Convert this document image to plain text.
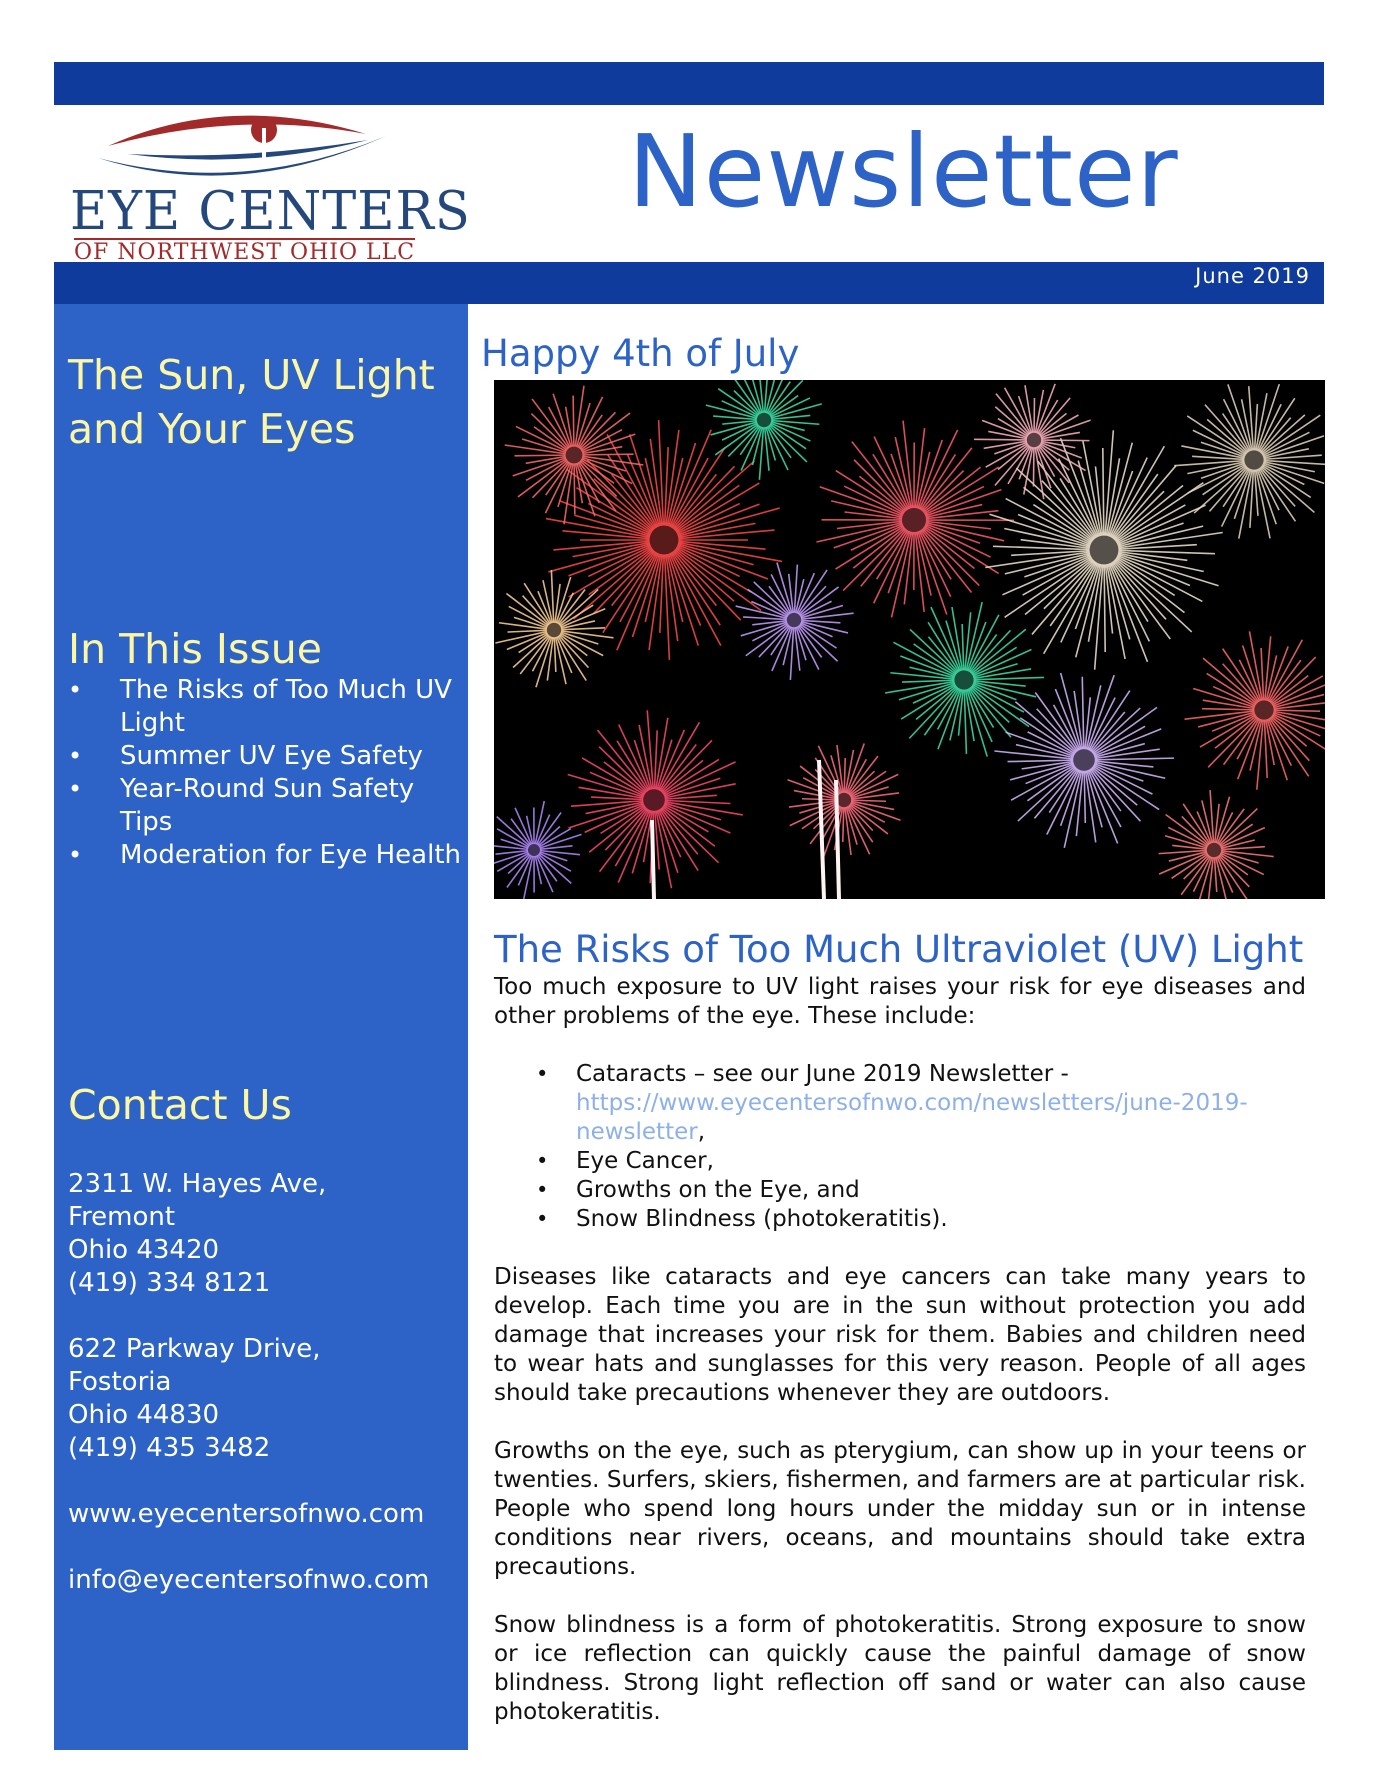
EYE CENTERS
OF NORTHWEST OHIO LLC
Newsletter
June 2019
The Sun, UV Light and Your Eyes
In This Issue
• The Risks of Too Much UV Light
• Summer UV Eye Safety
• Year-Round Sun Safety Tips
• Moderation for Eye Health
Contact Us
2311 W. Hayes Ave,
Fremont
Ohio 43420
(419) 334 8121
622 Parkway Drive,
Fostoria
Ohio 44830
(419) 435 3482
www.eyecentersofnwo.com
info@eyecentersofnwo.com
Happy 4th of July
The Risks of Too Much Ultraviolet (UV) Light

Too much exposure to UV light raises your risk for eye diseases and other problems of the eye. These include:

• Cataracts – see our June 2019 Newsletter - https://www.eyecentersofnwo.com/newsletters/june-2019-newsletter,
• Eye Cancer,
• Growths on the Eye, and
• Snow Blindness (photokeratitis).

Diseases like cataracts and eye cancers can take many years to develop. Each time you are in the sun without protection you add damage that increases your risk for them. Babies and children need to wear hats and sunglasses for this very reason. People of all ages should take precautions whenever they are outdoors.

Growths on the eye, such as pterygium, can show up in your teens or twenties. Surfers, skiers, fishermen, and farmers are at particular risk. People who spend long hours under the midday sun or in intense conditions near rivers, oceans, and mountains should take extra precautions.

Snow blindness is a form of photokeratitis. Strong exposure to snow or ice reflection can quickly cause the painful damage of snow blindness. Strong light reflection off sand or water can also cause photokeratitis.
